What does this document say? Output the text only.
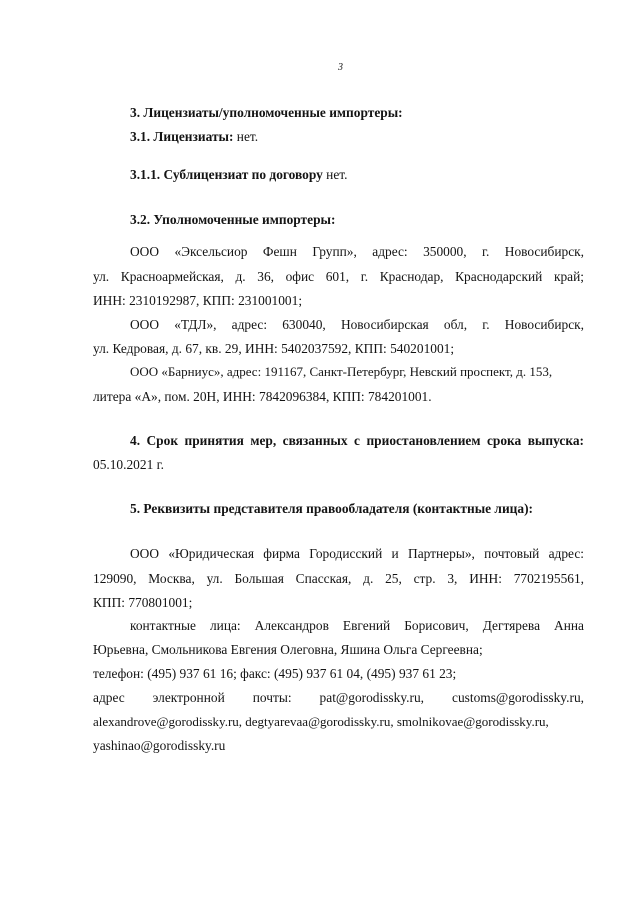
3
3. Лицензиаты/уполномоченные импортеры:
3.1. Лицензиаты: нет.
3.1.1. Сублицензиат по договору нет.
3.2. Уполномоченные импортеры:
ООО «Эксельсиор Фешн Групп», адрес: 350000, г. Новосибирск,
ул. Красноармейская, д. 36, офис 601, г. Краснодар, Краснодарский край;
ИНН: 2310192987, КПП: 231001001;
ООО «ТДЛ», адрес: 630040, Новосибирская обл, г. Новосибирск,
ул. Кедровая, д. 67, кв. 29, ИНН: 5402037592, КПП: 540201001;
ООО «Барниус», адрес: 191167, Санкт-Петербург, Невский проспект, д. 153,
литера «А», пом. 20Н, ИНН: 7842096384, КПП: 784201001.
4. Срок принятия мер, связанных с приостановлением срока выпуска:
05.10.2021 г.
5. Реквизиты представителя правообладателя (контактные лица):
ООО «Юридическая фирма Городисский и Партнеры», почтовый адрес:
129090, Москва, ул. Большая Спасская, д. 25, стр. 3, ИНН: 7702195561,
КПП: 770801001;
контактные лица: Александров Евгений Борисович, Дегтярева Анна
Юрьевна, Смольникова Евгения Олеговна, Яшина Ольга Сергеевна;
телефон: (495) 937 61 16; факс: (495) 937 61 04, (495) 937 61 23;
адрес электронной почты: pat@gorodissky.ru, customs@gorodissky.ru,
alexandrove@gorodissky.ru, degtyarevaa@gorodissky.ru, smolnikovae@gorodissky.ru,
yashinao@gorodissky.ru
